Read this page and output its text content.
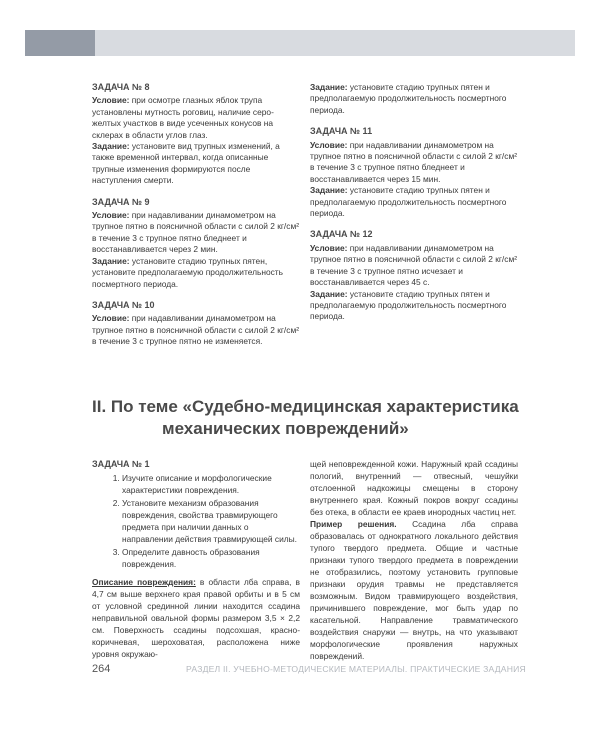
ЗАДАЧА № 8

Условие: при осмотре глазных яблок трупа установлены мутность роговиц, наличие серо-желтых участков в виде усеченных конусов на склерах в области углов глаз.

Задание: установите вид трупных изменений, а также временной интервал, когда описанные трупные изменения формируются после наступления смерти.

ЗАДАЧА № 9

Условие: при надавливании динамометром на трупное пятно в поясничной области с силой 2 кг/см² в течение 3 с трупное пятно бледнеет и восстанавливается через 2 мин.

Задание: установите стадию трупных пятен, установите предполагаемую продолжительность посмертного периода.

ЗАДАЧА № 10

Условие: при надавливании динамометром на трупное пятно в поясничной области с силой 2 кг/см² в течение 3 с трупное пятно не изменяется.

Задание: установите стадию трупных пятен и предполагаемую продолжительность посмертного периода.

ЗАДАЧА № 11

Условие: при надавливании динамометром на трупное пятно в поясничной области с силой 2 кг/см² в течение 3 с трупное пятно бледнеет и восстанавливается через 15 мин.

Задание: установите стадию трупных пятен и предполагаемую продолжительность посмертного периода.

ЗАДАЧА № 12

Условие: при надавливании динамометром на трупное пятно в поясничной области с силой 2 кг/см² в течение 3 с трупное пятно исчезает и восстанавливается через 45 с.

Задание: установите стадию трупных пятен и предполагаемую продолжительность посмертного периода.

II. По теме «Судебно-медицинская характеристика
механических повреждений»
ЗАДАЧА № 1
1. Изучите описание и морфологические характеристики повреждения.
2. Установите механизм образования повреждения, свойства травмирующего предмета при наличии данных о направлении действия травмирующей силы.
3. Определите давность образования повреждения.

Описание повреждения: в области лба справа, в 4,7 см выше верхнего края правой орбиты и в 5 см от условной срединной линии находится ссадина неправильной овальной формы размером 3,5 × 2,2 см. Поверхность ссадины подсохшая, красно-коричневая, шероховатая, расположена ниже уровня окружаю-

щей неповрежденной кожи. Наружный край ссадины пологий, внутренний — отвесный, чешуйки отслоенной надкожицы смещены в сторону внутреннего края. Кожный покров вокруг ссадины без отека, в области ее краев инородных частиц нет.

Пример решения. Ссадина лба справа образовалась от однократного локального действия тупого твердого предмета. Общие и частные признаки тупого твердого предмета в повреждении не отобразились, поэтому установить групповые признаки орудия травмы не представляется возможным. Видом травмирующего воздействия, причинившего повреждение, мог быть удар по касательной. Направление травматического воздействия снаружи — внутрь, на что указывают морфологические проявления наружных повреждений.

264	РАЗДЕЛ II. УЧЕБНО-МЕТОДИЧЕСКИЕ МАТЕРИАЛЫ. ПРАКТИЧЕСКИЕ ЗАДАНИЯ
